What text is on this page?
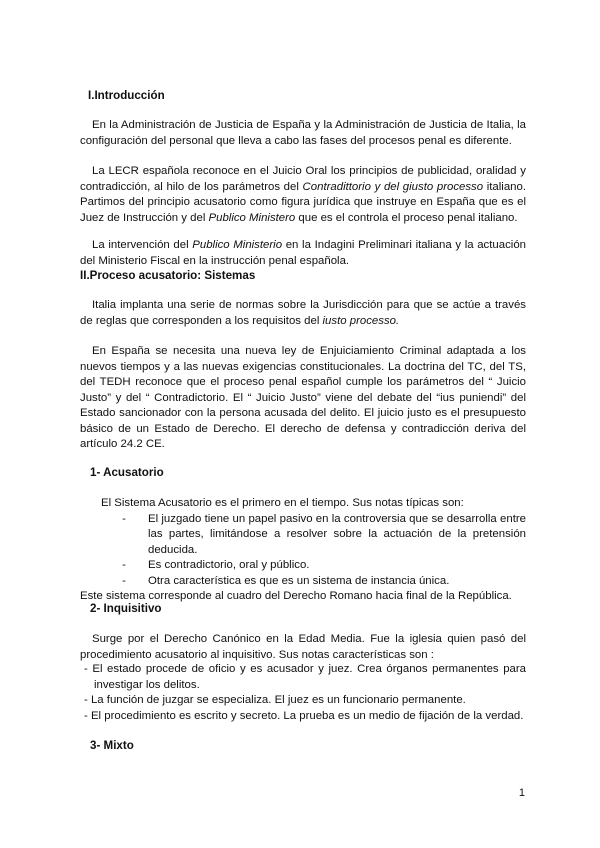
I.Introducción

En la Administración de Justicia de España y la Administración de Justicia de Italia, la configuración del personal que lleva a cabo las fases del procesos penal es diferente.

La LECR española reconoce en el Juicio Oral los principios de publicidad, oralidad y contradicción, al hilo de los parámetros del Contradittorio y del giusto processo italiano. Partimos del principio acusatorio como figura jurídica que instruye en España que es el Juez de Instrucción y del Publico Ministero que es el controla el proceso penal italiano.

La intervención del Publico Ministerio en la Indagini Preliminari italiana y la actuación del Ministerio Fiscal en la instrucción penal española.

II.Proceso acusatorio: Sistemas

Italia implanta una serie de normas sobre la Jurisdicción para que se actúe a través de reglas que corresponden a los requisitos del iusto processo.

En España se necesita una nueva ley de Enjuiciamiento Criminal adaptada a los nuevos tiempos y a las nuevas exigencias constitucionales. La doctrina del TC, del TS, del TEDH reconoce que el proceso penal español cumple los parámetros del “ Juicio Justo” y del “ Contradictorio. El “ Juicio Justo” viene del debate del “ius puniendi” del Estado sancionador con la persona acusada del delito. El juicio justo es el presupuesto básico de un Estado de Derecho. El derecho de defensa y contradicción deriva del artículo 24.2 CE.

1- Acusatorio
El Sistema Acusatorio es el primero en el tiempo. Sus notas típicas son:
-	El juzgado tiene un papel pasivo en la controversia que se desarrolla entre las partes, limitándose a resolver sobre la actuación de la pretensión deducida.
-	Es contradictorio, oral y público.
-	Otra característica es que es un sistema de instancia única.
Este sistema corresponde al cuadro del Derecho Romano hacia final de la República.
2- Inquisitivo

Surge por el Derecho Canónico en la Edad Media. Fue la iglesia quien pasó del procedimiento acusatorio al inquisitivo. Sus notas características son :

- El estado procede de oficio y es acusador y juez. Crea órganos permanentes para investigar los delitos.
- La función de juzgar se especializa. El juez es un funcionario permanente.
- El procedimiento es escrito y secreto. La prueba es un medio de fijación de la verdad.
3- Mixto
1
